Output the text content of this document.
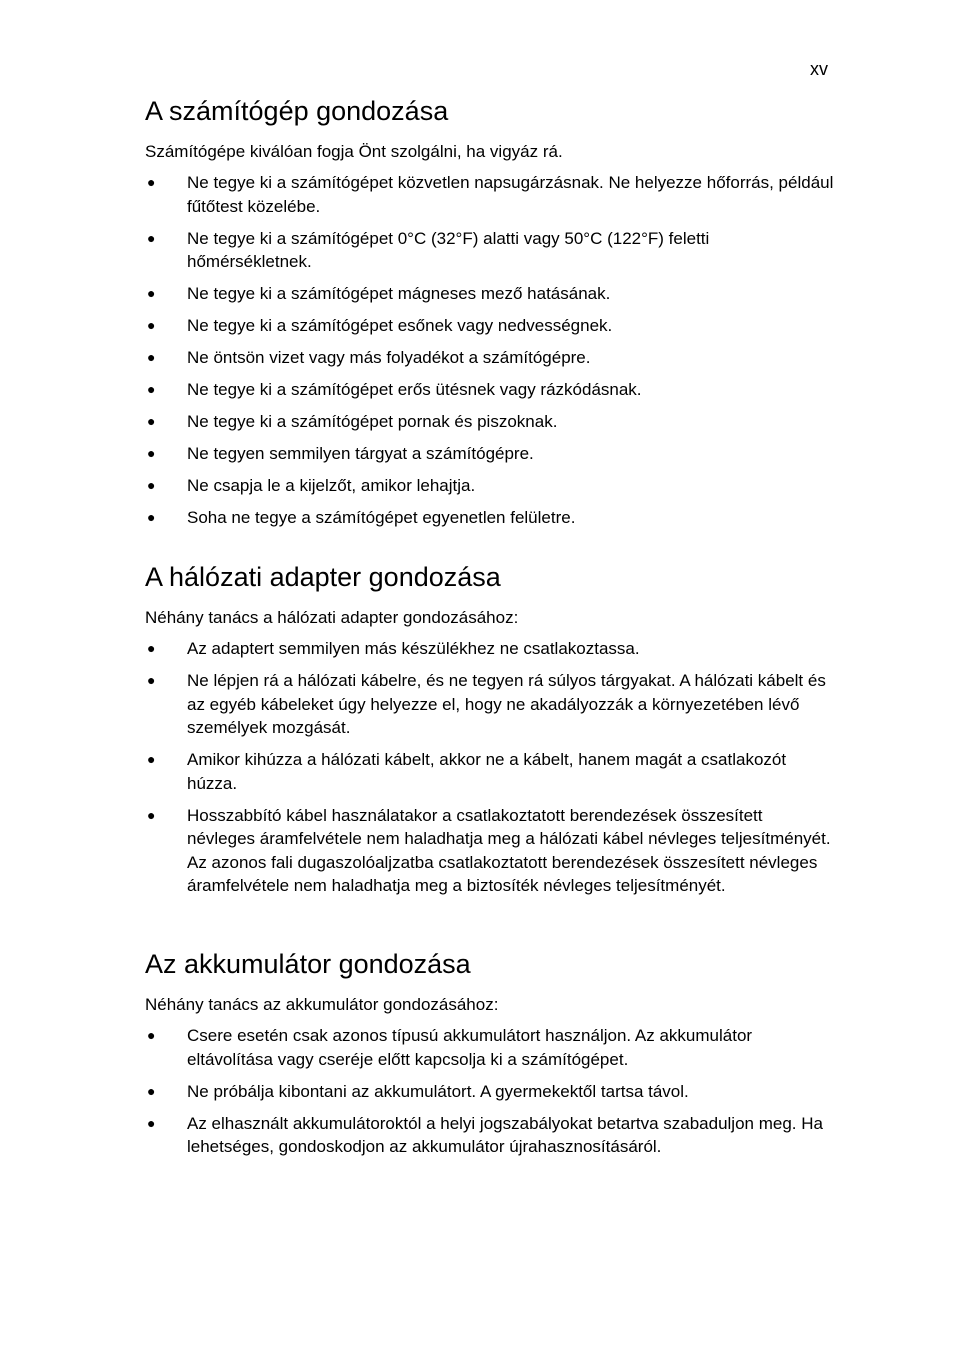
xv
A számítógép gondozása

Számítógépe kiválóan fogja Önt szolgálni, ha vigyáz rá.

● Ne tegye ki a számítógépet közvetlen napsugárzásnak. Ne helyezze hőforrás, például fűtőtest közelébe.
● Ne tegye ki a számítógépet 0°C (32°F) alatti vagy 50°C (122°F) feletti hőmérsékletnek.
● Ne tegye ki a számítógépet mágneses mező hatásának.
● Ne tegye ki a számítógépet esőnek vagy nedvességnek.
● Ne öntsön vizet vagy más folyadékot a számítógépre.
● Ne tegye ki a számítógépet erős ütésnek vagy rázkódásnak.
● Ne tegye ki a számítógépet pornak és piszoknak.
● Ne tegyen semmilyen tárgyat a számítógépre.
● Ne csapja le a kijelzőt, amikor lehajtja.
● Soha ne tegye a számítógépet egyenetlen felületre.
A hálózati adapter gondozása

Néhány tanács a hálózati adapter gondozásához:

● Az adaptert semmilyen más készülékhez ne csatlakoztassa.
● Ne lépjen rá a hálózati kábelre, és ne tegyen rá súlyos tárgyakat. A hálózati kábelt és az egyéb kábeleket úgy helyezze el, hogy ne akadályozzák a környezetében lévő személyek mozgását.
● Amikor kihúzza a hálózati kábelt, akkor ne a kábelt, hanem magát a csatlakozót húzza.
● Hosszabbító kábel használatakor a csatlakoztatott berendezések összesített névleges áramfelvétele nem haladhatja meg a hálózati kábel névleges teljesítményét. Az azonos fali dugaszolóaljzatba csatlakoztatott berendezések összesített névleges áramfelvétele nem haladhatja meg a biztosíték névleges teljesítményét.
Az akkumulátor gondozása

Néhány tanács az akkumulátor gondozásához:

● Csere esetén csak azonos típusú akkumulátort használjon. Az akkumulátor eltávolítása vagy cseréje előtt kapcsolja ki a számítógépet.
● Ne próbálja kibontani az akkumulátort. A gyermekektől tartsa távol.
● Az elhasznált akkumulátoroktól a helyi jogszabályokat betartva szabaduljon meg. Ha lehetséges, gondoskodjon az akkumulátor újrahasznosításáról.
